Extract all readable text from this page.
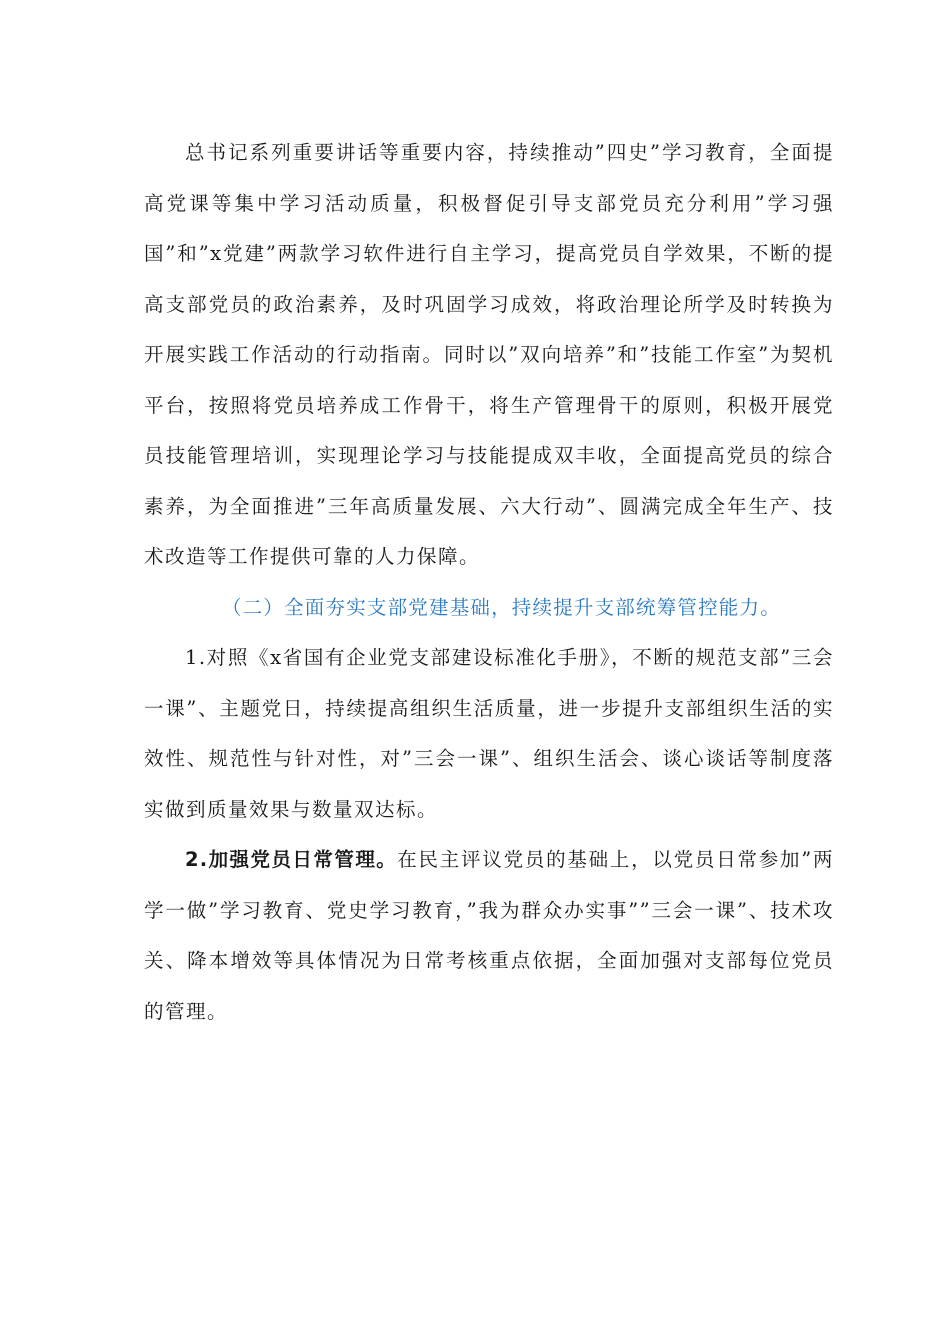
总书记系列重要讲话等重要内容，持续推动”四史”学习教育，全面提高党课等集中学习活动质量，积极督促引导支部党员充分利用”学习强国”和”x党建”两款学习软件进行自主学习，提高党员自学效果，不断的提高支部党员的政治素养，及时巩固学习成效，将政治理论所学及时转换为开展实践工作活动的行动指南。同时以”双向培养”和”技能工作室”为契机平台，按照将党员培养成工作骨干，将生产管理骨干的原则，积极开展党员技能管理培训，实现理论学习与技能提成双丰收，全面提高党员的综合素养，为全面推进”三年高质量发展、六大行动”、圆满完成全年生产、技术改造等工作提供可靠的人力保障。

（二）全面夯实支部党建基础，持续提升支部统筹管控能力。

1.对照《x省国有企业党支部建设标准化手册》，不断的规范支部”三会一课”、主题党日，持续提高组织生活质量，进一步提升支部组织生活的实效性、规范性与针对性，对”三会一课”、组织生活会、谈心谈话等制度落实做到质量效果与数量双达标。

2.加强党员日常管理。在民主评议党员的基础上，以党员日常参加”两学一做”学习教育、党史学习教育，”我为群众办实事””三会一课”、技术攻关、降本增效等具体情况为日常考核重点依据，全面加强对支部每位党员的管理。
